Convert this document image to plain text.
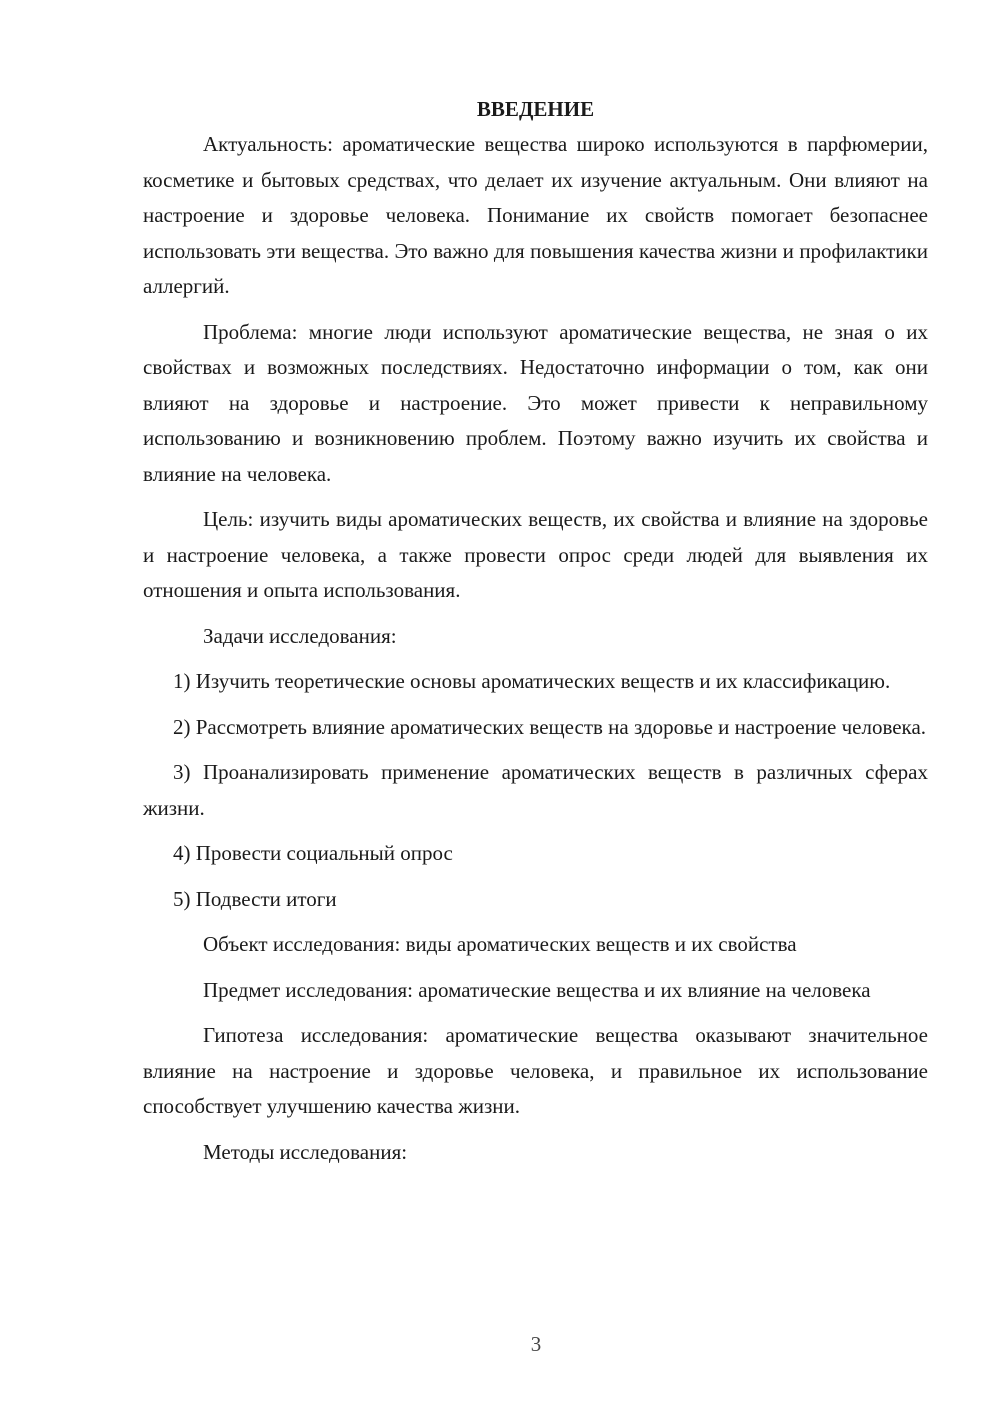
ВВЕДЕНИЕ

Актуальность: ароматические вещества широко используются в парфюмерии, косметике и бытовых средствах, что делает их изучение актуальным. Они влияют на настроение и здоровье человека. Понимание их свойств помогает безопаснее использовать эти вещества. Это важно для повышения качества жизни и профилактики аллергий.

Проблема: многие люди используют ароматические вещества, не зная о их свойствах и возможных последствиях. Недостаточно информации о том, как они влияют на здоровье и настроение. Это может привести к неправильному использованию и возникновению проблем. Поэтому важно изучить их свойства и влияние на человека.

Цель: изучить виды ароматических веществ, их свойства и влияние на здоровье и настроение человека, а также провести опрос среди людей для выявления их отношения и опыта использования.

Задачи исследования:

1) Изучить теоретические основы ароматических веществ и их классификацию.

2) Рассмотреть влияние ароматических веществ на здоровье и настроение человека.

3) Проанализировать применение ароматических веществ в различных сферах жизни.

4) Провести социальный опрос

5) Подвести итоги

Объект исследования: виды ароматических веществ и их свойства

Предмет исследования: ароматические вещества и их влияние на человека

Гипотеза исследования: ароматические вещества оказывают значительное влияние на настроение и здоровье человека, и правильное их использование способствует улучшению качества жизни.

Методы исследования:

3
